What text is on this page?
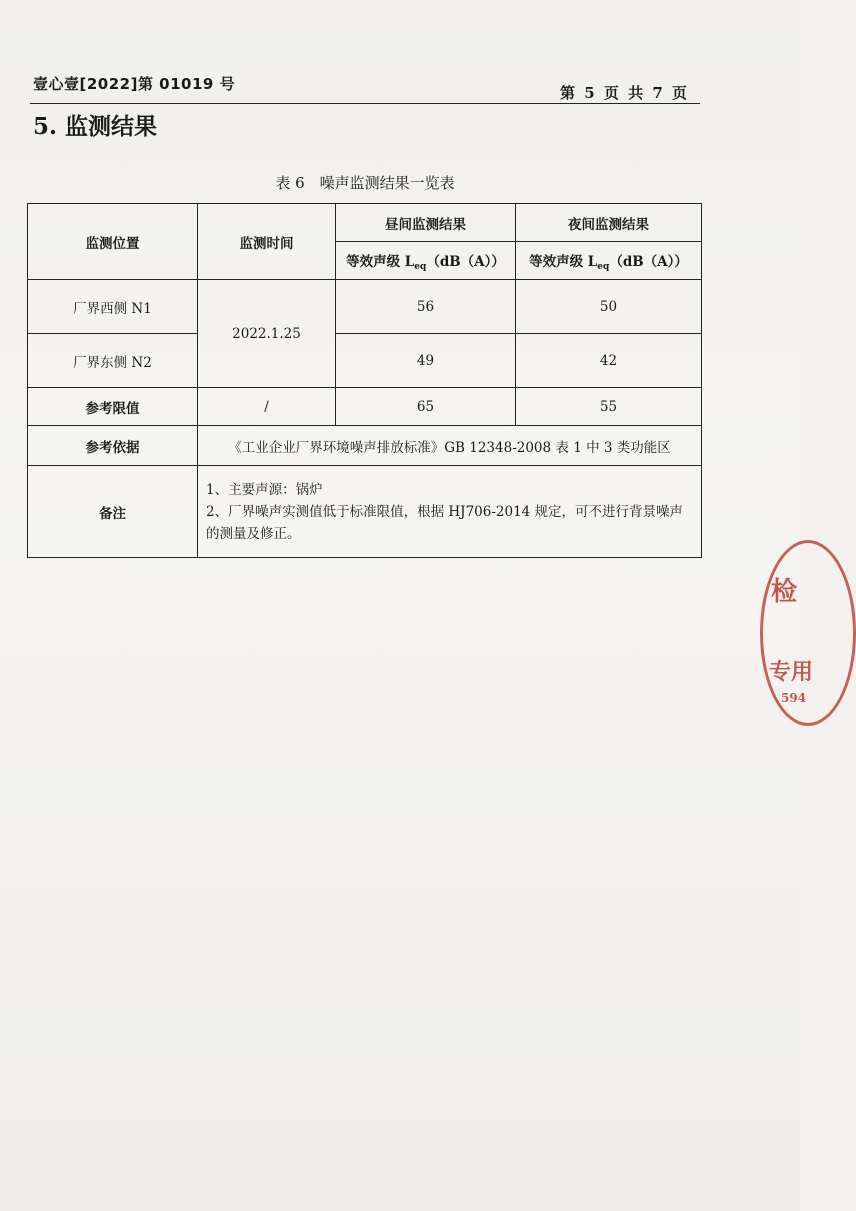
壹心壹[2022]第 01019 号	第 5 页 共 7 页
5. 监测结果
表 6　噪声监测结果一览表
监测位置	监测时间	昼间监测结果	夜间监测结果
		等效声级 $L_{eq}(dB(A))$	等效声级 $L_{eq}(dB(A))$
厂界西侧 N1	2022.1.25	56	50
厂界东侧 N2		49	42
参考限值	/	65	55
参考依据	《工业企业厂界环境噪声排放标准》GB 12348-2008 表 1 中 3 类功能区		
备注	1、主要声源：锅炉
2、厂界噪声实测值低于标准限值，根据 HJ706-2014 规定，可不进行背景噪声的测量及修正。		
检
专用
594
